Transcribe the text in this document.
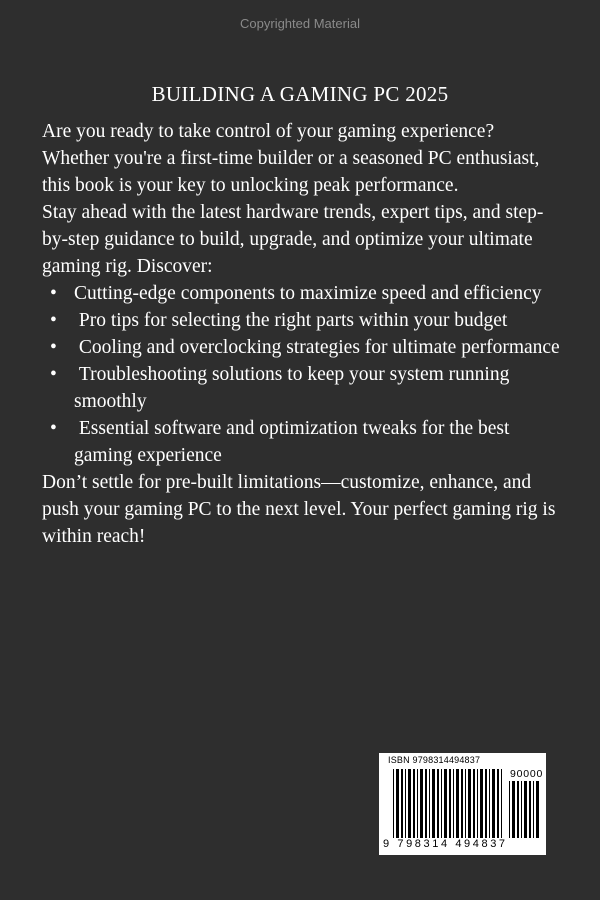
Copyrighted Material
BUILDING A GAMING PC 2025

Are you ready to take control of your gaming experience? Whether you're a first-time builder or a seasoned PC enthusiast, this book is your key to unlocking peak performance.

Stay ahead with the latest hardware trends, expert tips, and step-by-step guidance to build, upgrade, and optimize your ultimate gaming rig. Discover:

• Cutting-edge components to maximize speed and efficiency
•  Pro tips for selecting the right parts within your budget
•  Cooling and overclocking strategies for ultimate performance
•  Troubleshooting solutions to keep your system running smoothly
•  Essential software and optimization tweaks for the best gaming experience

Don’t settle for pre-built limitations—customize, enhance, and push your gaming PC to the next level. Your perfect gaming rig is within reach!

ISBN 9798314494837
90000

9 798314 494837
